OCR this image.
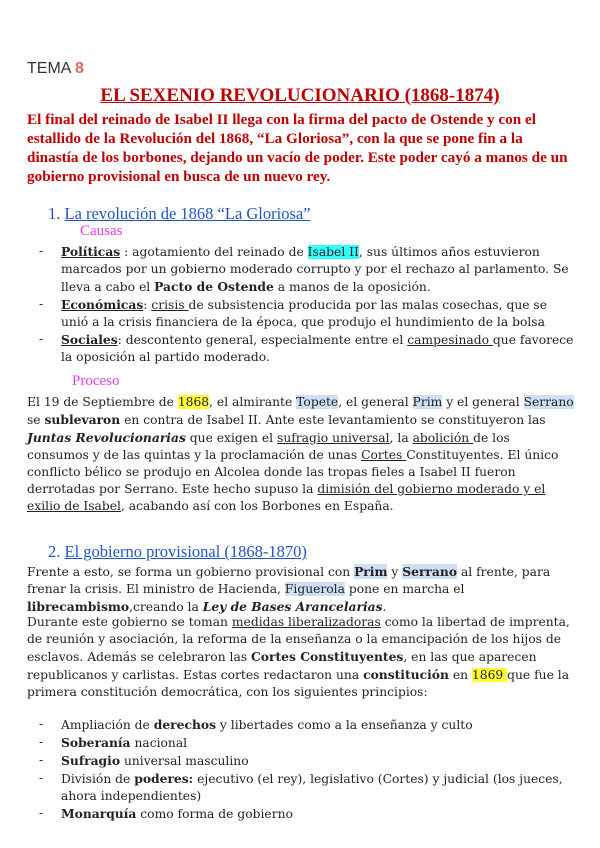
TEMA 8
EL SEXENIO REVOLUCIONARIO (1868-1874)
El final del reinado de Isabel II llega con la firma del pacto de Ostende y con el estallido de la Revolución del 1868, “La Gloriosa”, con la que se pone fin a la dinastía de los borbones, dejando un vacío de poder. Este poder cayó a manos de un gobierno provisional en busca de un nuevo rey.
1. La revolución de 1868 “La Gloriosa”
Causas
- Políticas : agotamiento del reinado de Isabel II, sus últimos años estuvieron marcados por un gobierno moderado corrupto y por el rechazo al parlamento. Se lleva a cabo el Pacto de Ostende a manos de la oposición.
- Económicas: crisis de subsistencia producida por las malas cosechas, que se unió a la crisis financiera de la época, que produjo el hundimiento de la bolsa
- Sociales: descontento general, especialmente entre el campesinado que favorece la oposición al partido moderado.
Proceso

El 19 de Septiembre de 1868, el almirante Topete, el general Prim y el general Serrano se sublevaron en contra de Isabel II. Ante este levantamiento se constituyeron las Juntas Revolucionarias que exigen el sufragio universal, la abolición de los consumos y de las quintas y la proclamación de unas Cortes Constituyentes. El único conflicto bélico se produjo en Alcolea donde las tropas fieles a Isabel II fueron derrotadas por Serrano. Este hecho supuso la dimisión del gobierno moderado y el exilio de Isabel, acabando así con los Borbones en España.

2. El gobierno provisional (1868-1870)

Frente a esto, se forma un gobierno provisional con Prim y Serrano al frente, para frenar la crisis. El ministro de Hacienda, Figuerola pone en marcha el librecambismo,creando la Ley de Bases Arancelarias.

Durante este gobierno se toman medidas liberalizadoras como la libertad de imprenta, de reunión y asociación, la reforma de la enseñanza o la emancipación de los hijos de esclavos. Además se celebraron las Cortes Constituyentes, en las que aparecen republicanos y carlistas. Estas cortes redactaron una constitución en 1869 que fue la primera constitución democrática, con los siguientes principios:

- Ampliación de derechos y libertades como a la enseñanza y culto
- Soberanía nacional
- Sufragio universal masculino
- División de poderes: ejecutivo (el rey), legislativo (Cortes) y judicial (los jueces, ahora independientes)
- Monarquía como forma de gobierno
